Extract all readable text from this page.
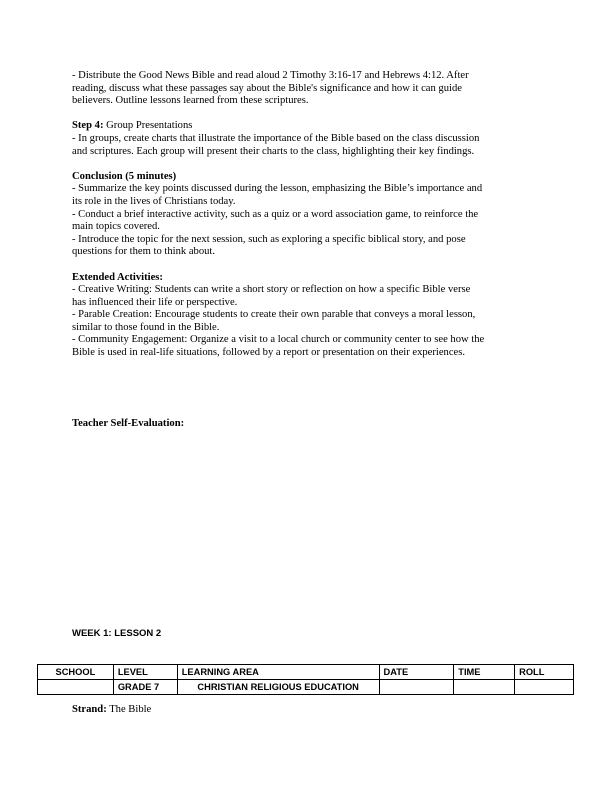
- Distribute the Good News Bible and read aloud 2 Timothy 3:16-17 and Hebrews 4:12. After

reading, discuss what these passages say about the Bible's significance and how it can guide

believers. Outline lessons learned from these scriptures.

Step 4: Group Presentations

- In groups, create charts that illustrate the importance of the Bible based on the class discussion

and scriptures. Each group will present their charts to the class, highlighting their key findings.

Conclusion (5 minutes)

- Summarize the key points discussed during the lesson, emphasizing the Bible’s importance and

its role in the lives of Christians today.

- Conduct a brief interactive activity, such as a quiz or a word association game, to reinforce the

main topics covered.

- Introduce the topic for the next session, such as exploring a specific biblical story, and pose

questions for them to think about.

Extended Activities:

- Creative Writing: Students can write a short story or reflection on how a specific Bible verse

has influenced their life or perspective.

- Parable Creation: Encourage students to create their own parable that conveys a moral lesson,

similar to those found in the Bible.

- Community Engagement: Organize a visit to a local church or community center to see how the

Bible is used in real-life situations, followed by a report or presentation on their experiences.

Teacher Self-Evaluation:
WEEK 1: LESSON 2
SCHOOL	LEVEL	LEARNING AREA	DATE	TIME	ROLL
	GRADE 7	CHRISTIAN RELIGIOUS EDUCATION			
Strand: The Bible
